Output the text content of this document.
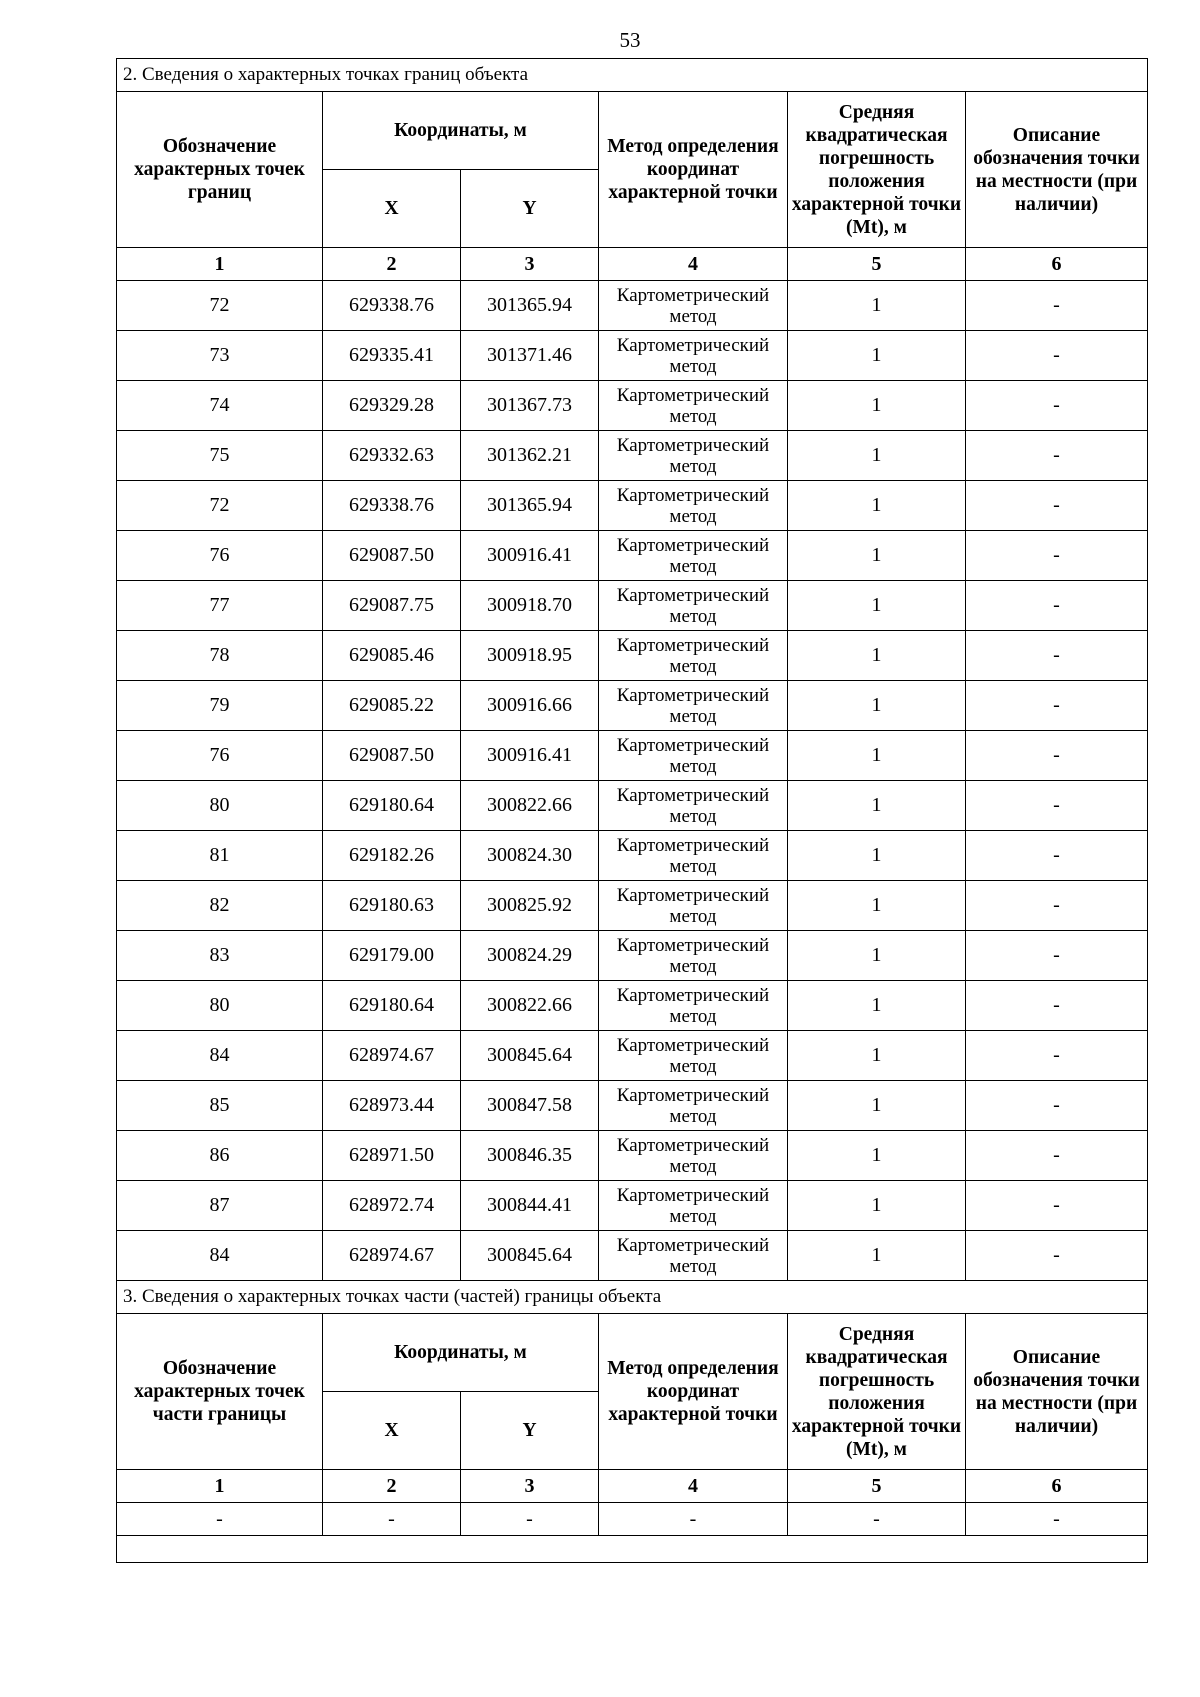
53
2. Сведения о характерных точках границ объекта					
Обозначение характерных точек границ	Координаты, м		Метод определения координат характерной точки	Средняя квадратическая погрешность положения характерной точки (Mt), м	Описание обозначения точки на местности (при наличии)
	X	Y			
1	2	3	4	5	6
72	629338.76	301365.94	Картометрический метод	1	-
73	629335.41	301371.46	Картометрический метод	1	-
74	629329.28	301367.73	Картометрический метод	1	-
75	629332.63	301362.21	Картометрический метод	1	-
72	629338.76	301365.94	Картометрический метод	1	-
76	629087.50	300916.41	Картометрический метод	1	-
77	629087.75	300918.70	Картометрический метод	1	-
78	629085.46	300918.95	Картометрический метод	1	-
79	629085.22	300916.66	Картометрический метод	1	-
76	629087.50	300916.41	Картометрический метод	1	-
80	629180.64	300822.66	Картометрический метод	1	-
81	629182.26	300824.30	Картометрический метод	1	-
82	629180.63	300825.92	Картометрический метод	1	-
83	629179.00	300824.29	Картометрический метод	1	-
80	629180.64	300822.66	Картометрический метод	1	-
84	628974.67	300845.64	Картометрический метод	1	-
85	628973.44	300847.58	Картометрический метод	1	-
86	628971.50	300846.35	Картометрический метод	1	-
87	628972.74	300844.41	Картометрический метод	1	-
84	628974.67	300845.64	Картометрический метод	1	-
3. Сведения о характерных точках части (частей) границы объекта					
Обозначение характерных точек части границы	Координаты, м		Метод определения координат характерной точки	Средняя квадратическая погрешность положения характерной точки (Mt), м	Описание обозначения точки на местности (при наличии)
	X	Y			
1	2	3	4	5	6
-	-	-	-	-	-
